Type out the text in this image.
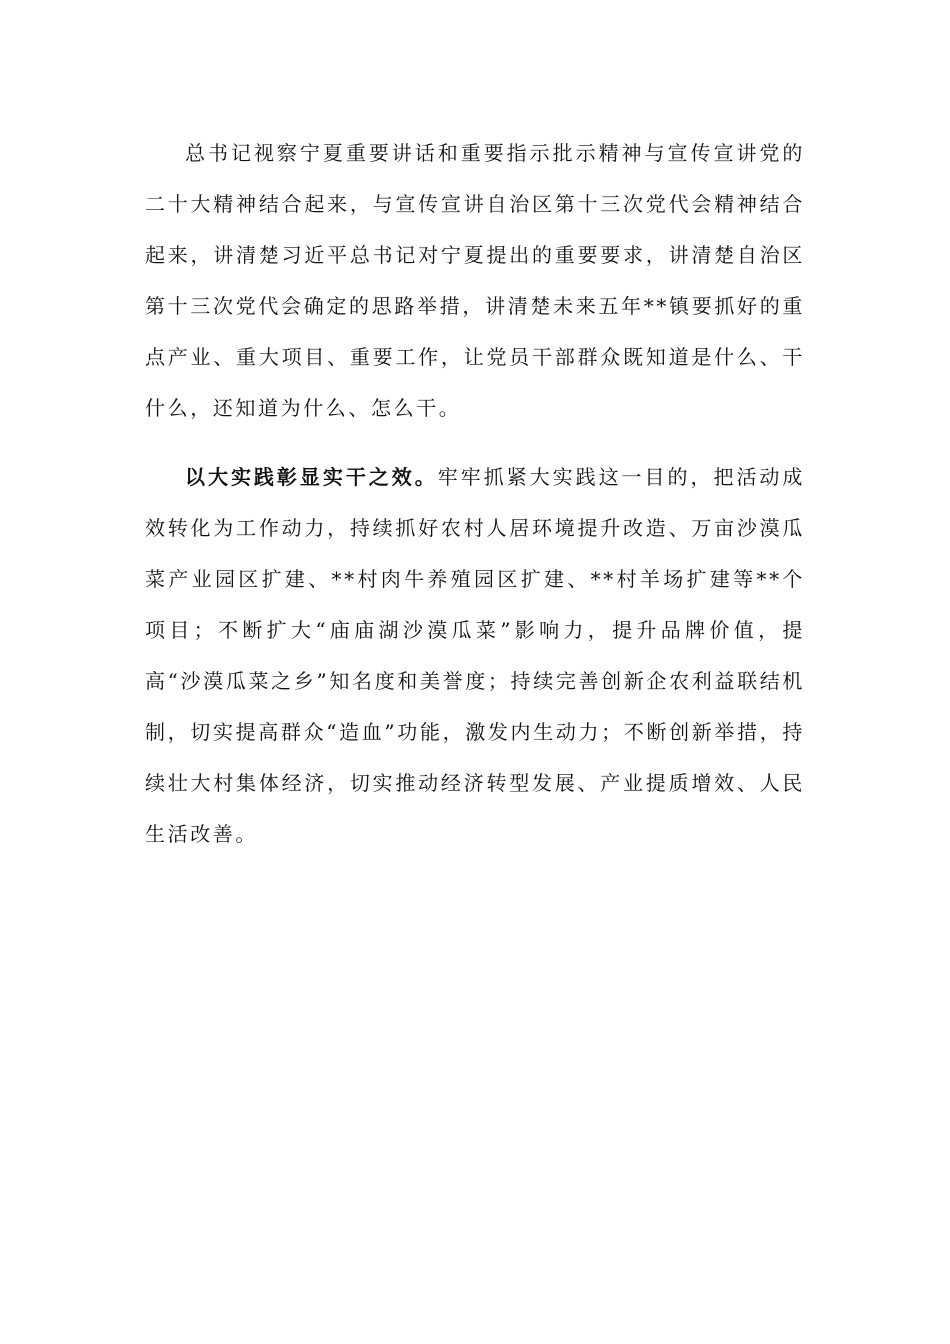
总书记视察宁夏重要讲话和重要指示批示精神与宣传宣讲党的二十大精神结合起来，与宣传宣讲自治区第十三次党代会精神结合起来，讲清楚习近平总书记对宁夏提出的重要要求，讲清楚自治区第十三次党代会确定的思路举措，讲清楚未来五年**镇要抓好的重点产业、重大项目、重要工作，让党员干部群众既知道是什么、干什么，还知道为什么、怎么干。

以大实践彰显实干之效。牢牢抓紧大实践这一目的，把活动成效转化为工作动力，持续抓好农村人居环境提升改造、万亩沙漠瓜菜产业园区扩建、**村肉牛养殖园区扩建、**村羊场扩建等**个项目；不断扩大“庙庙湖沙漠瓜菜”影响力，提升品牌价值，提高“沙漠瓜菜之乡”知名度和美誉度；持续完善创新企农利益联结机制，切实提高群众“造血”功能，激发内生动力；不断创新举措，持续壮大村集体经济，切实推动经济转型发展、产业提质增效、人民生活改善。
